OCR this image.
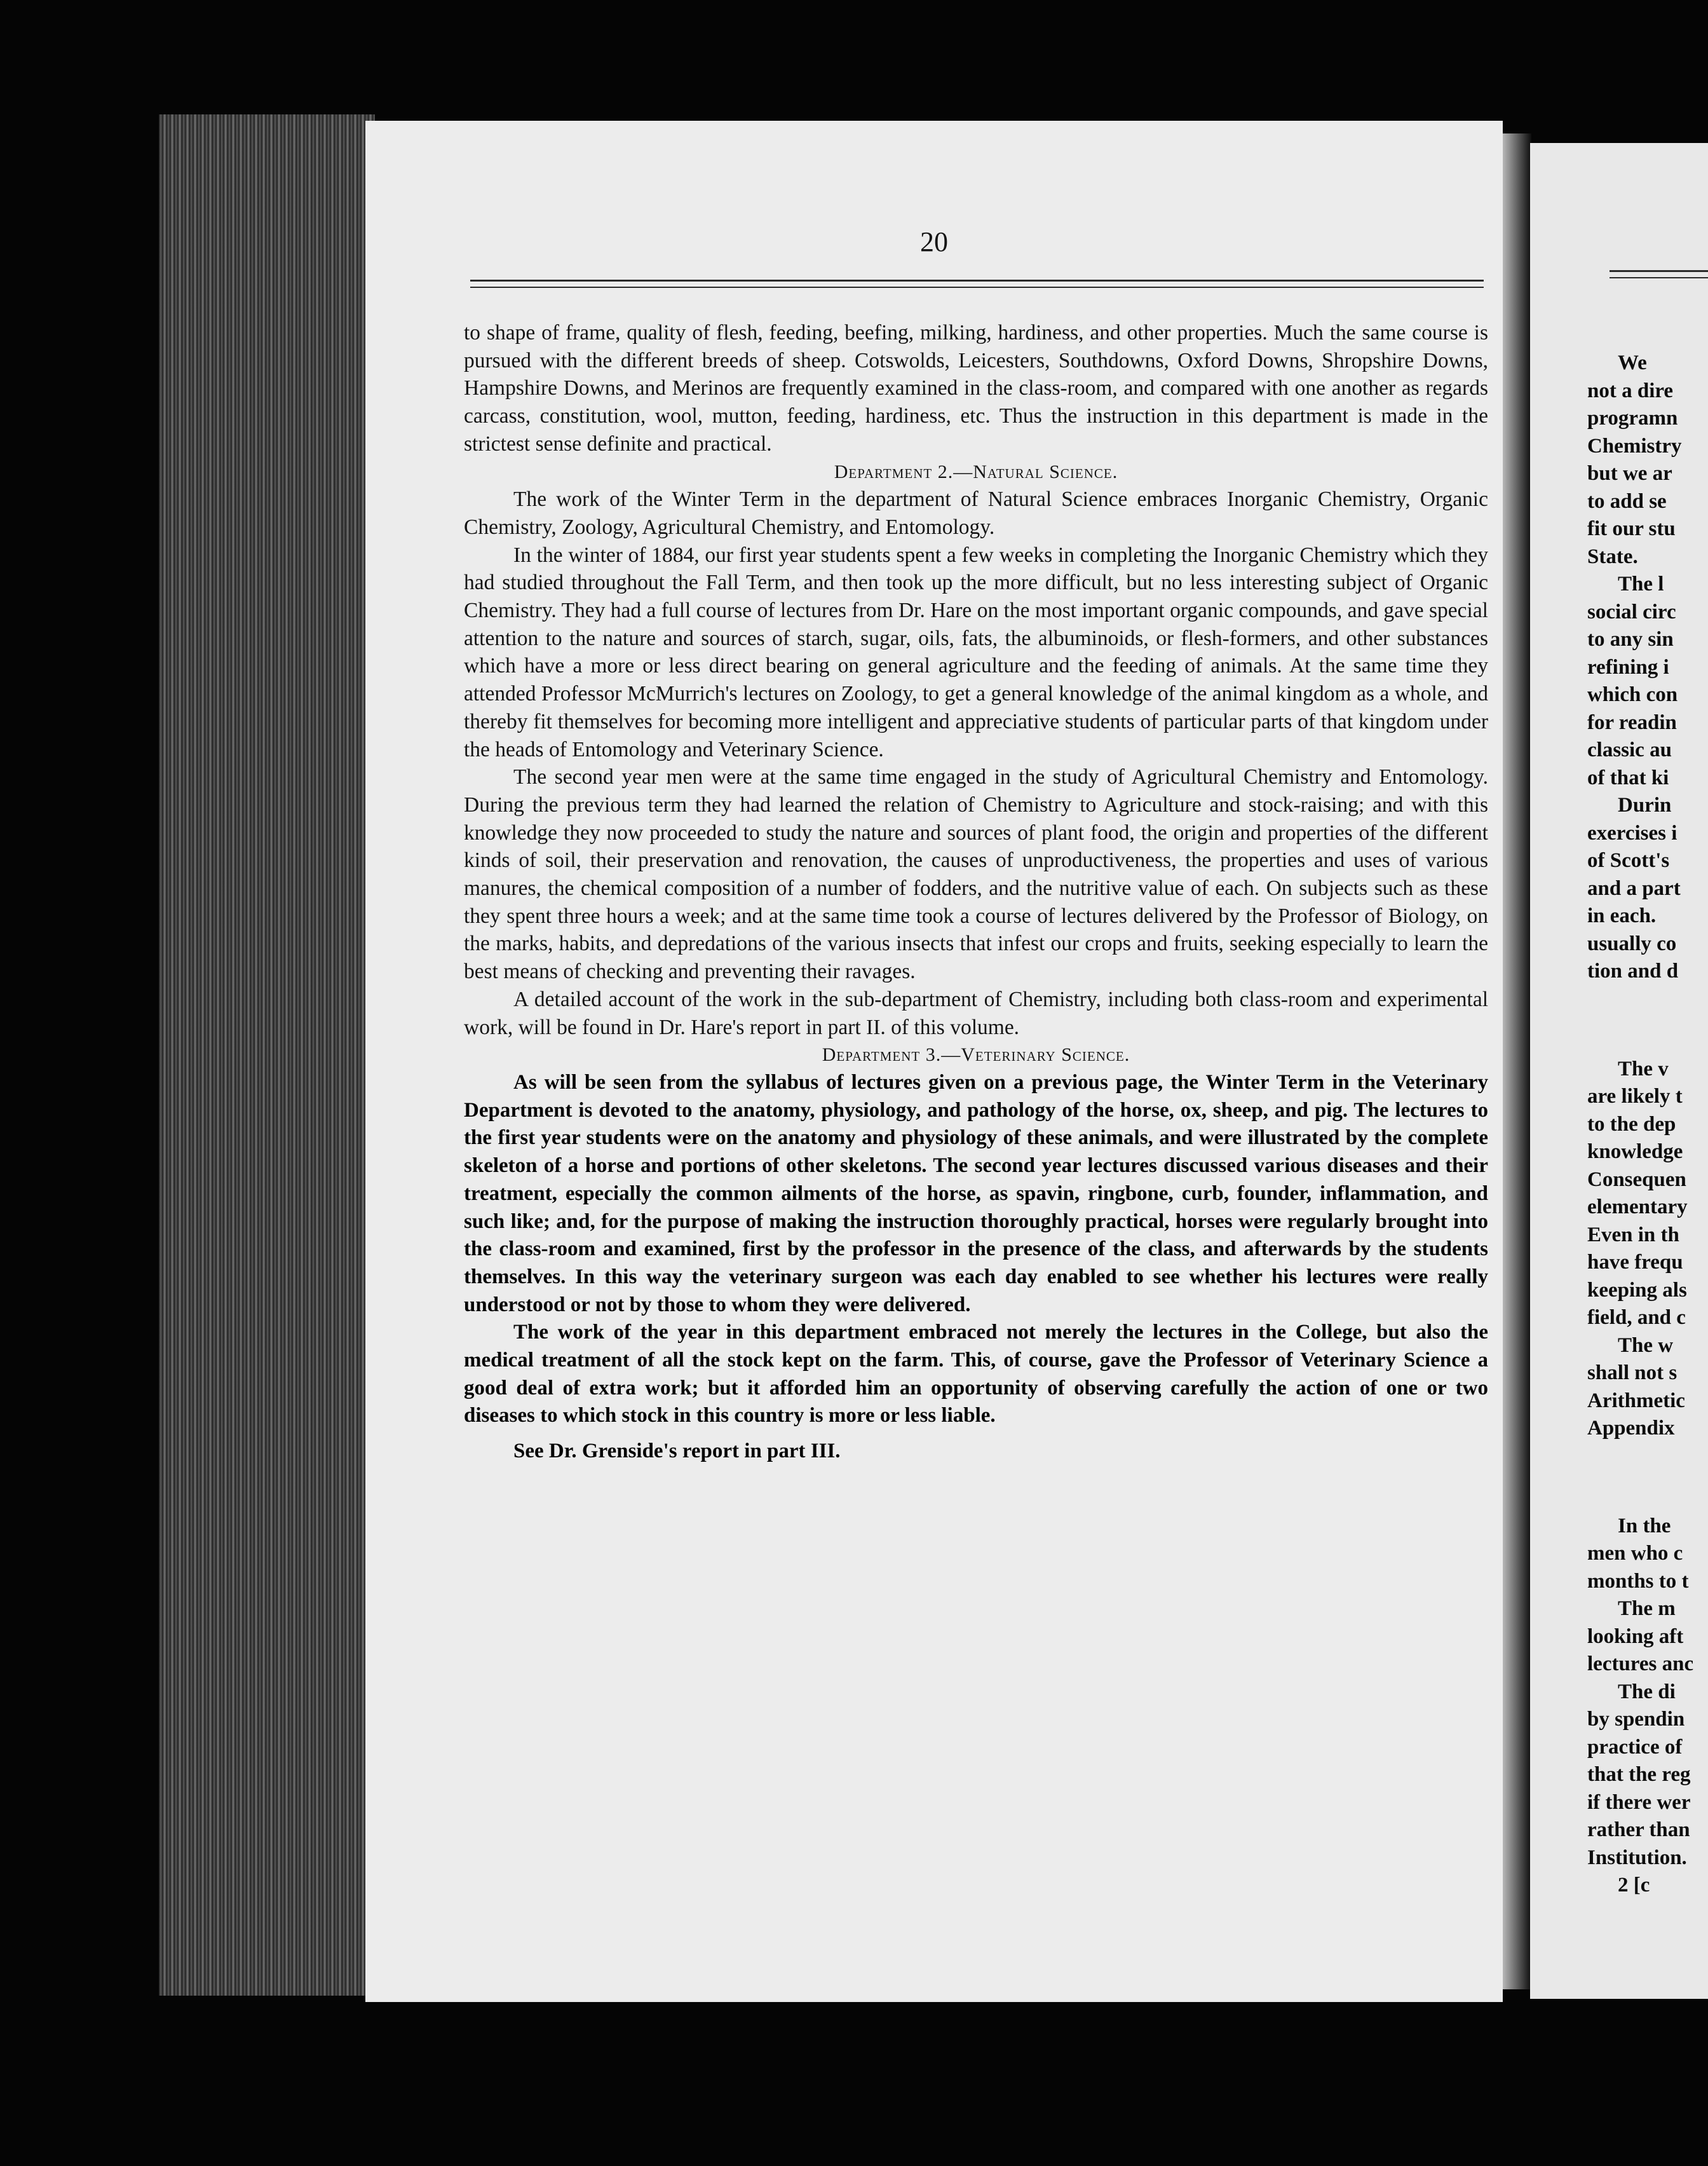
20

to shape of frame, quality of flesh, feeding, beefing, milking, hardiness, and other properties. Much the same course is pursued with the different breeds of sheep. Cotswolds, Leicesters, Southdowns, Oxford Downs, Shropshire Downs, Hampshire Downs, and Merinos are frequently examined in the class-room, and compared with one another as regards carcass, constitution, wool, mutton, feeding, hardiness, etc. Thus the instruction in this department is made in the strictest sense definite and practical.

Department 2.—Natural Science.

The work of the Winter Term in the department of Natural Science embraces Inorganic Chemistry, Organic Chemistry, Zoology, Agricultural Chemistry, and Entomology.

In the winter of 1884, our first year students spent a few weeks in completing the Inorganic Chemistry which they had studied throughout the Fall Term, and then took up the more difficult, but no less interesting subject of Organic Chemistry. They had a full course of lectures from Dr. Hare on the most important organic compounds, and gave special attention to the nature and sources of starch, sugar, oils, fats, the albuminoids, or flesh-formers, and other substances which have a more or less direct bearing on general agriculture and the feeding of animals. At the same time they attended Professor McMurrich's lectures on Zoology, to get a general knowledge of the animal kingdom as a whole, and thereby fit themselves for becoming more intelligent and appreciative students of particular parts of that kingdom under the heads of Entomology and Veterinary Science.

The second year men were at the same time engaged in the study of Agricultural Chemistry and Entomology. During the previous term they had learned the relation of Chemistry to Agriculture and stock-raising; and with this knowledge they now proceeded to study the nature and sources of plant food, the origin and properties of the different kinds of soil, their preservation and renovation, the causes of unproductiveness, the properties and uses of various manures, the chemical composition of a number of fodders, and the nutritive value of each. On subjects such as these they spent three hours a week; and at the same time took a course of lectures delivered by the Professor of Biology, on the marks, habits, and depredations of the various insects that infest our crops and fruits, seeking especially to learn the best means of checking and preventing their ravages.

A detailed account of the work in the sub-department of Chemistry, including both class-room and experimental work, will be found in Dr. Hare's report in part II. of this volume.

Department 3.—Veterinary Science.

As will be seen from the syllabus of lectures given on a previous page, the Winter Term in the Veterinary Department is devoted to the anatomy, physiology, and pathology of the horse, ox, sheep, and pig. The lectures to the first year students were on the anatomy and physiology of these animals, and were illustrated by the complete skeleton of a horse and portions of other skeletons. The second year lectures discussed various diseases and their treatment, especially the common ailments of the horse, as spavin, ringbone, curb, founder, inflammation, and such like; and, for the purpose of making the instruction thoroughly practical, horses were regularly brought into the class-room and examined, first by the professor in the presence of the class, and afterwards by the students themselves. In this way the veterinary surgeon was each day enabled to see whether his lectures were really understood or not by those to whom they were delivered.

The work of the year in this department embraced not merely the lectures in the College, but also the medical treatment of all the stock kept on the farm. This, of course, gave the Professor of Veterinary Science a good deal of extra work; but it afforded him an opportunity of observing carefully the action of one or two diseases to which stock in this country is more or less liable.

See Dr. Grenside's report in part III.

We
not a dire
programn
Chemistry
but we ar
to add se
fit our stu
State.
The l
social circ
to any sin
refining i
which con
for readin
classic au
of that ki
Durin
exercises i
of Scott's
and a part
in each.
usually co
tion and d
The v
are likely t
to the dep
knowledge
Consequen
elementary
Even in th
have frequ
keeping als
field, and c
The w
shall not s
Arithmetic
Appendix
In the
men who c
months to t
The m
looking aft
lectures anc
The di
by spendin
practice of
that the reg
if there wer
rather than
Institution.
2 [c
